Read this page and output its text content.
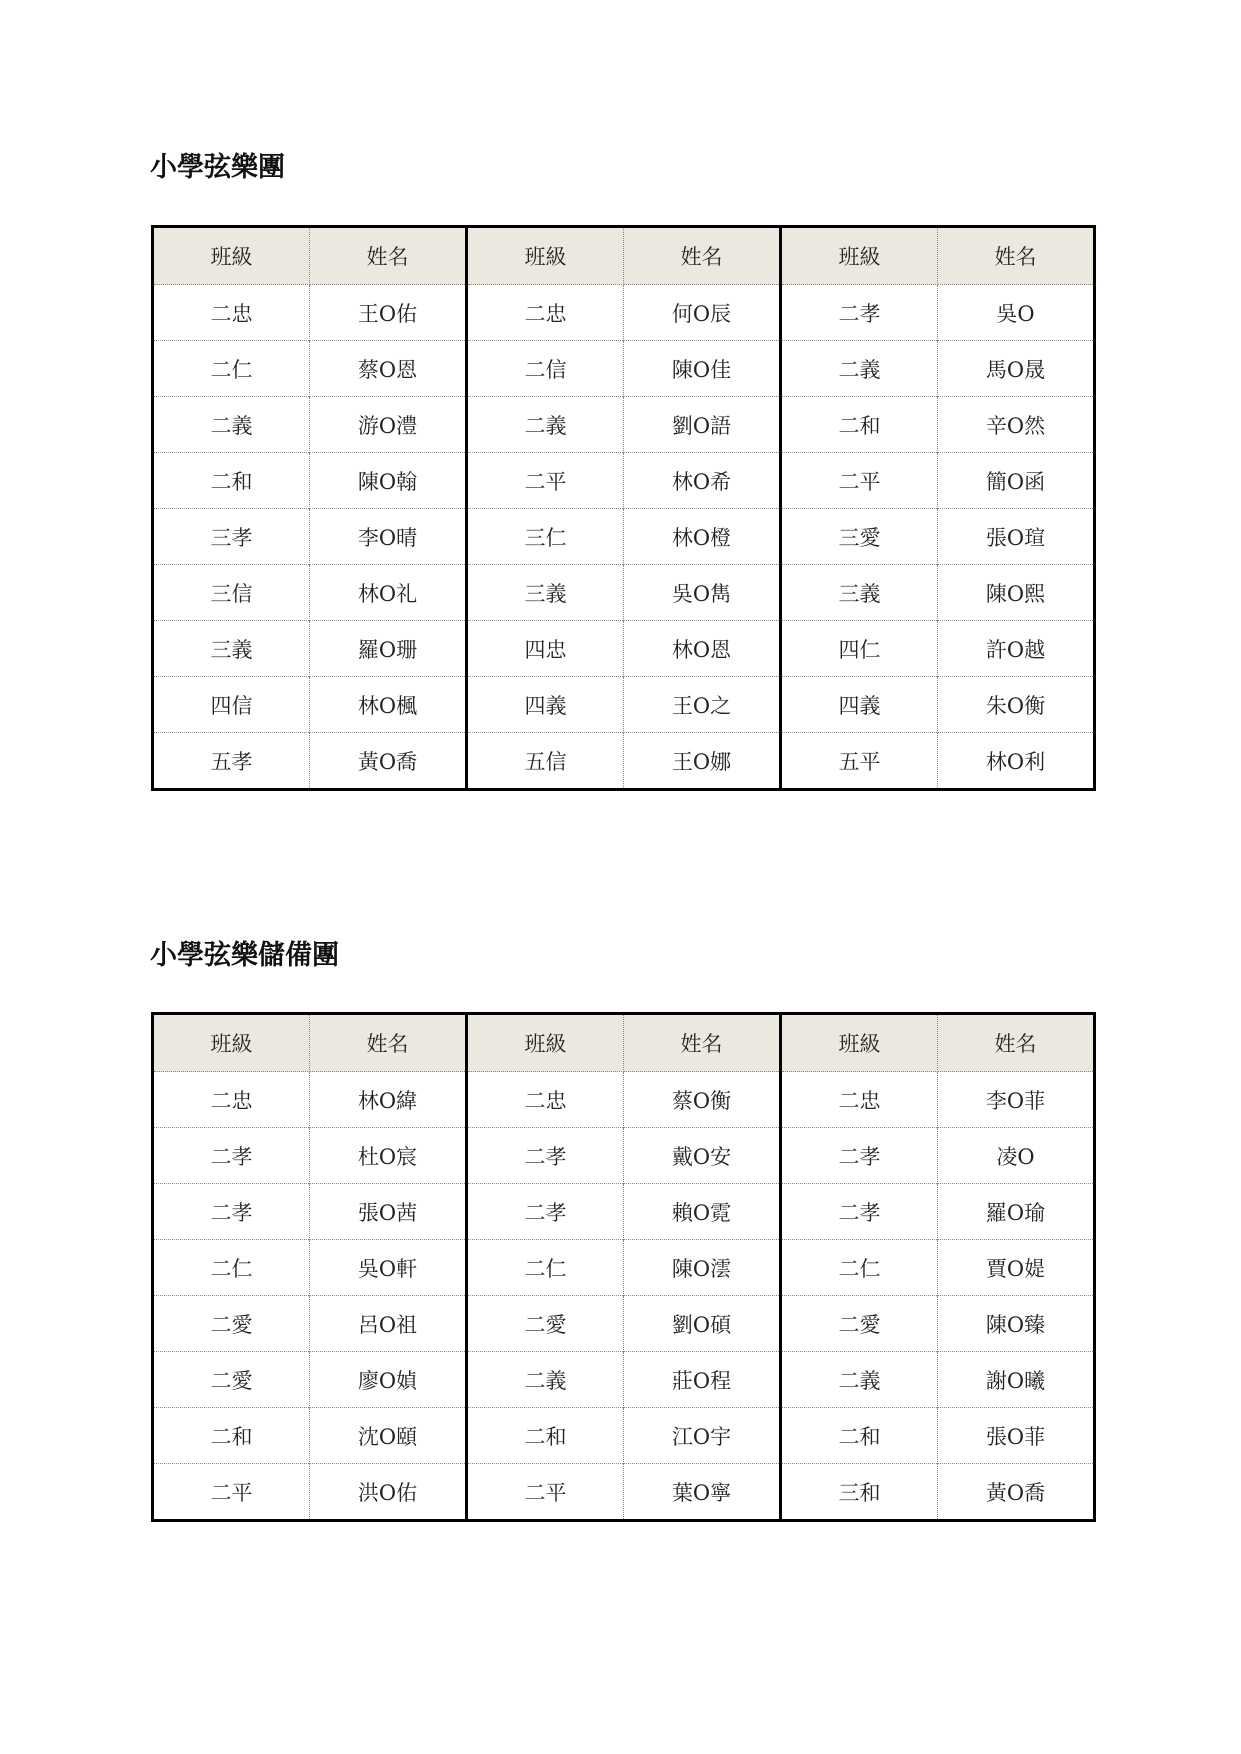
小學弦樂團
班級	姓名	班級	姓名	班級	姓名
二忠	王O佑	二忠	何O辰	二孝	吳O
二仁	蔡O恩	二信	陳O佳	二義	馬O晟
二義	游O澧	二義	劉O語	二和	辛O然
二和	陳O翰	二平	林O希	二平	簡O函
三孝	李O晴	三仁	林O橙	三愛	張O瑄
三信	林O礼	三義	吳O雋	三義	陳O熙
三義	羅O珊	四忠	林O恩	四仁	許O越
四信	林O楓	四義	王O之	四義	朱O衡
五孝	黃O喬	五信	王O娜	五平	林O利
小學弦樂儲備團
班級	姓名	班級	姓名	班級	姓名
二忠	林O緯	二忠	蔡O衡	二忠	李O菲
二孝	杜O宸	二孝	戴O安	二孝	凌O
二孝	張O茜	二孝	賴O霓	二孝	羅O瑜
二仁	吳O軒	二仁	陳O澐	二仁	賈O媞
二愛	呂O祖	二愛	劉O碩	二愛	陳O臻
二愛	廖O媜	二義	莊O程	二義	謝O曦
二和	沈O頤	二和	江O宇	二和	張O菲
二平	洪O佑	二平	葉O寧	三和	黃O喬
